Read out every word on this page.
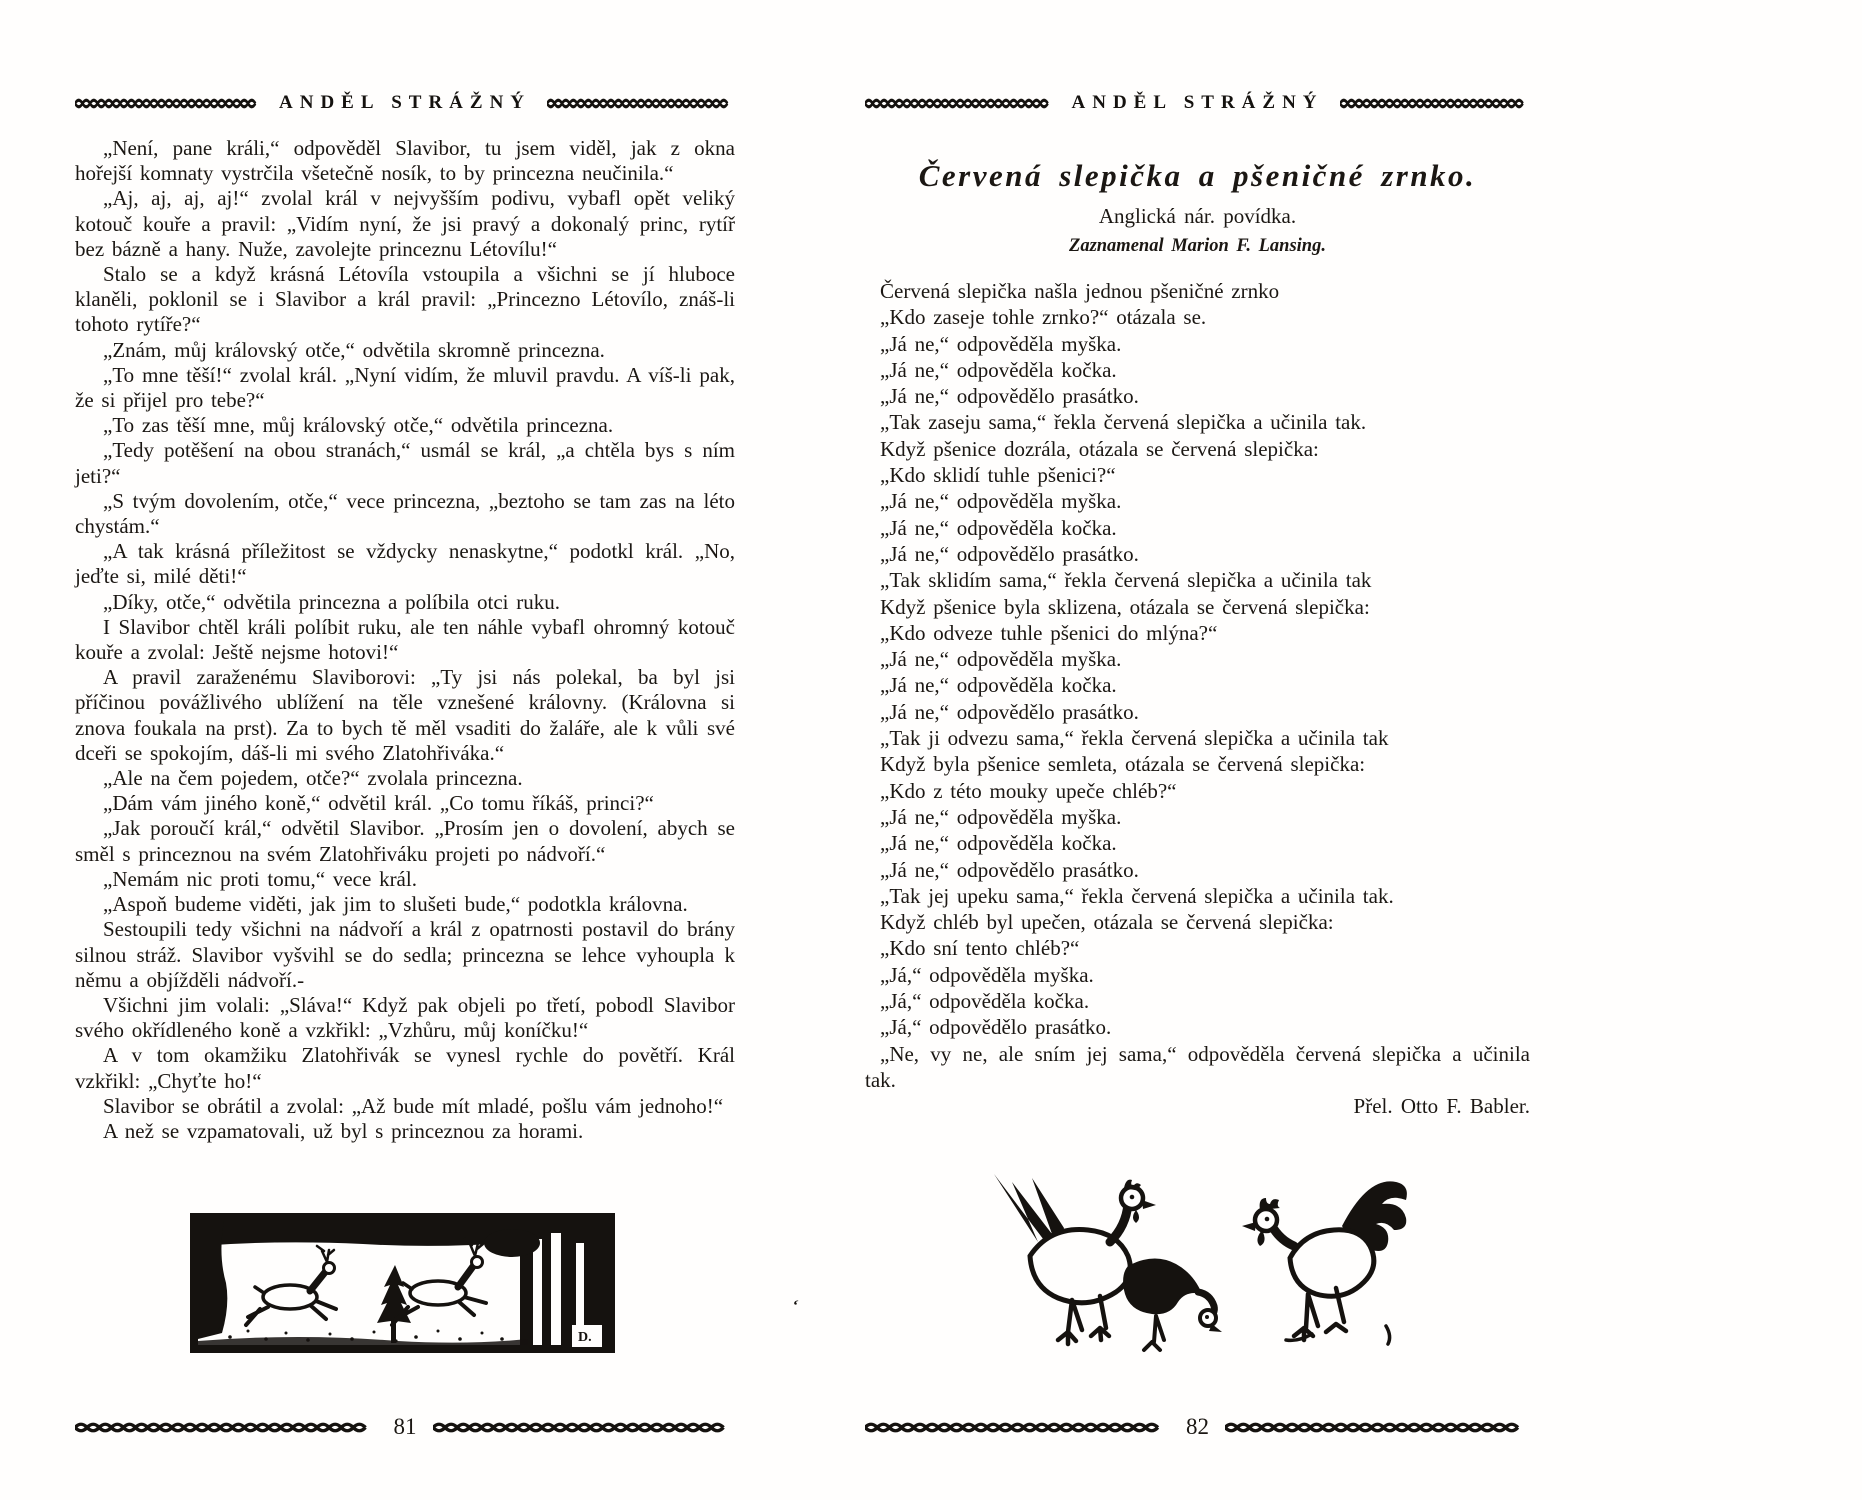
ANDĚL STRÁŽNÝ

„Není, pane králi,“ odpověděl Slavibor, tu jsem viděl, jak z okna hořejší komnaty vystrčila všetečně nosík, to by princezna neučinila.“

„Aj, aj, aj, aj!“ zvolal král v nejvyšším podivu, vybafl opět veliký kotouč kouře a pravil: „Vidím nyní, že jsi pravý a dokonalý princ, rytíř bez bázně a hany. Nuže, zavolejte princeznu Létovílu!“

Stalo se a když krásná Létovíla vstoupila a všichni se jí hluboce klaněli, poklonil se i Slavibor a král pravil: „Princezno Létovílo, znáš-li tohoto rytíře?“

„Znám, můj královský otče,“ odvětila skromně princezna.

„To mne těší!“ zvolal král. „Nyní vidím, že mluvil pravdu. A víš-li pak, že si přijel pro tebe?“

„To zas těší mne, můj královský otče,“ odvětila princezna.

„Tedy potěšení na obou stranách,“ usmál se král, „a chtěla bys s ním jeti?“

„S tvým dovolením, otče,“ vece princezna, „beztoho se tam zas na léto chystám.“

„A tak krásná příležitost se vždycky nenaskytne,“ podotkl král. „No, jeďte si, milé děti!“

„Díky, otče,“ odvětila princezna a políbila otci ruku.

I Slavibor chtěl králi políbit ruku, ale ten náhle vybafl ohromný kotouč kouře a zvolal: Ještě nejsme hotovi!“

A pravil zaraženému Slaviborovi: „Ty jsi nás polekal, ba byl jsi příčinou povážlivého ublížení na těle vznešené královny. (Královna si znova foukala na prst). Za to bych tě měl vsaditi do žaláře, ale k vůli své dceři se spokojím, dáš-li mi svého Zlatohřiváka.“

„Ale na čem pojedem, otče?“ zvolala princezna.

„Dám vám jiného koně,“ odvětil král. „Co tomu říkáš, princi?“

„Jak poroučí král,“ odvětil Slavibor. „Prosím jen o dovolení, abych se směl s princeznou na svém Zlatohřiváku projeti po nádvoří.“

„Nemám nic proti tomu,“ vece král.

„Aspoň budeme viděti, jak jim to slušeti bude,“ podotkla královna.

Sestoupili tedy všichni na nádvoří a král z opatrnosti postavil do brány silnou stráž. Slavibor vyšvihl se do sedla; princezna se lehce vyhoupla k němu a objížděli nádvoří.-

Všichni jim volali: „Sláva!“ Když pak objeli po třetí, pobodl Slavibor svého okřídleného koně a vzkřikl: „Vzhůru, můj koníčku!“

A v tom okamžiku Zlatohřivák se vynesl rychle do povětří. Král vzkřikl: „Chyťte ho!“

Slavibor se obrátil a zvolal: „Až bude mít mladé, pošlu vám jednoho!“

A než se vzpamatovali, už byl s princeznou za horami.

D.
81
ʻ
ANDĚL STRÁŽNÝ
Červená slepička a pšeničné zrnko.
Anglická nár. povídka.
Zaznamenal Marion F. Lansing.

Červená slepička našla jednou pšeničné zrnko

„Kdo zaseje tohle zrnko?“ otázala se.

„Já ne,“ odpověděla myška.

„Já ne,“ odpověděla kočka.

„Já ne,“ odpovědělo prasátko.

„Tak zaseju sama,“ řekla červená slepička a učinila tak.

Když pšenice dozrála, otázala se červená slepička:

„Kdo sklidí tuhle pšenici?“

„Já ne,“ odpověděla myška.

„Já ne,“ odpověděla kočka.

„Já ne,“ odpovědělo prasátko.

„Tak sklidím sama,“ řekla červená slepička a učinila tak

Když pšenice byla sklizena, otázala se červená slepička:

„Kdo odveze tuhle pšenici do mlýna?“

„Já ne,“ odpověděla myška.

„Já ne,“ odpověděla kočka.

„Já ne,“ odpovědělo prasátko.

„Tak ji odvezu sama,“ řekla červená slepička a učinila tak

Když byla pšenice semleta, otázala se červená slepička:

„Kdo z této mouky upeče chléb?“

„Já ne,“ odpověděla myška.

„Já ne,“ odpověděla kočka.

„Já ne,“ odpovědělo prasátko.

„Tak jej upeku sama,“ řekla červená slepička a učinila tak.

Když chléb byl upečen, otázala se červená slepička:

„Kdo sní tento chléb?“

„Já,“ odpověděla myška.

„Já,“ odpověděla kočka.

„Já,“ odpovědělo prasátko.

„Ne, vy ne, ale sním jej sama,“ odpověděla červená slepička a učinila tak.

Přel. Otto F. Babler.

82
